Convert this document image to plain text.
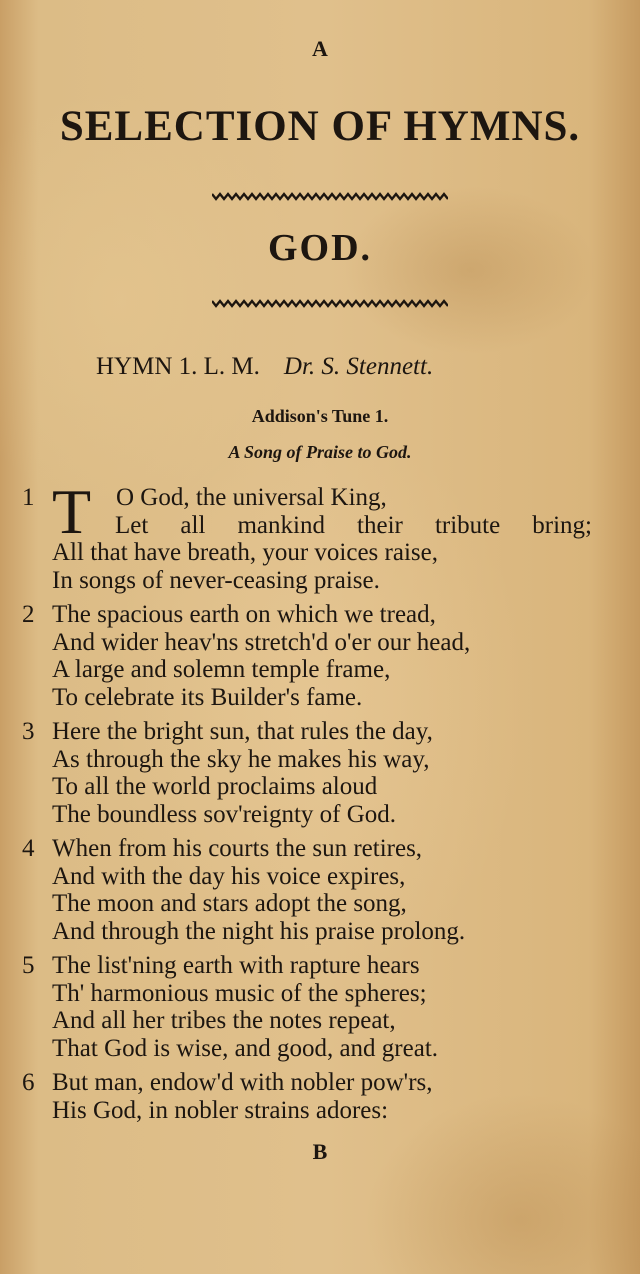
A

SELECTION OF HYMNS.
GOD.
HYMN 1. L. M. Dr. S. Stennett.

Addison's Tune 1.

A Song of Praise to God.

1 T O God, the universal King,

Let all mankind their tribute bring;

All that have breath, your voices raise,

In songs of never-ceasing praise.

2 The spacious earth on which we tread,

And wider heav'ns stretch'd o'er our head,

A large and solemn temple frame,

To celebrate its Builder's fame.

3 Here the bright sun, that rules the day,

As through the sky he makes his way,

To all the world proclaims aloud

The boundless sov'reignty of God.

4 When from his courts the sun retires,

And with the day his voice expires,

The moon and stars adopt the song,

And through the night his praise prolong.

5 The list'ning earth with rapture hears

Th' harmonious music of the spheres;

And all her tribes the notes repeat,

That God is wise, and good, and great.

6 But man, endow'd with nobler pow'rs,

His God, in nobler strains adores:

B
